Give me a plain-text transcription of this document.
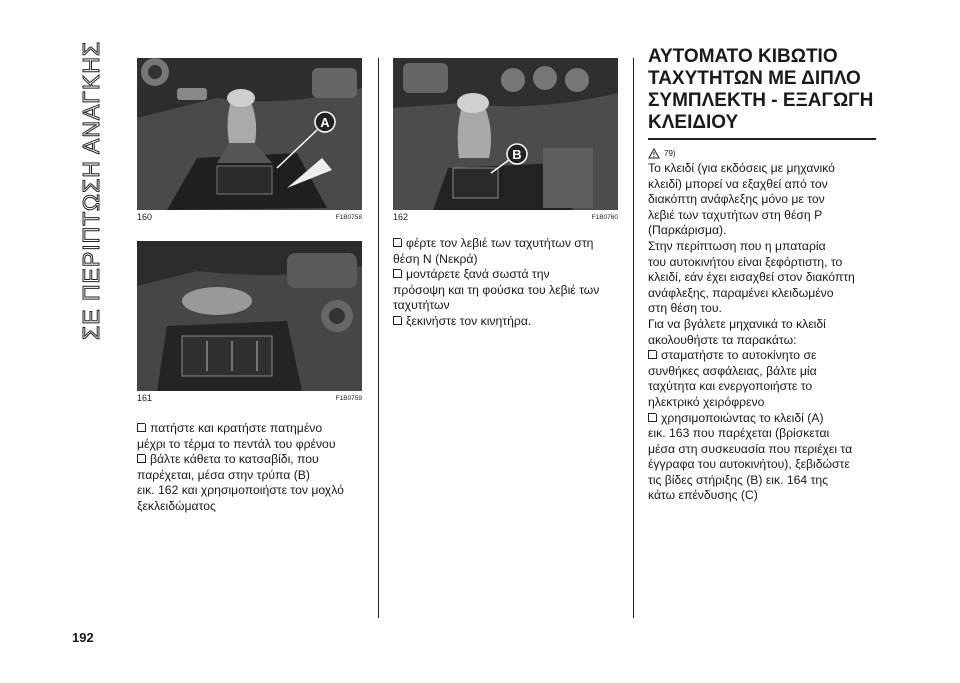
ΣΕ ΠΕΡΙΠΤΩΣΗ ΑΝΑΓΚΗΣ	A
160	F1B0758
161	F1B0759
πατήστε και κρατήστε πατημένο
μέχρι το τέρμα το πεντάλ του φρένου
βάλτε κάθετα το κατσαβίδι, που
παρέχεται, μέσα στην τρύπα (B)
εικ. 162 και χρησιμοποιήστε τον μοχλό
ξεκλειδώματος
B
162	F1B0760
φέρτε τον λεβιέ των ταχυτήτων στη
θέση N (Νεκρά)
μοντάρετε ξανά σωστά την
πρόσοψη και τη φούσκα του λεβιέ των
ταχυτήτων
ξεκινήστε τον κινητήρα.
ΑΥΤΟΜΑΤΟ ΚΙΒΩΤΙΟ
ΤΑΧΥΤΗΤΩΝ ΜΕ ΔΙΠΛΟ
ΣΥΜΠΛΕΚΤΗ - ΕΞΑΓΩΓΗ
ΚΛΕΙΔΙΟΥ
79)
Το κλειδί (για εκδόσεις με μηχανικό
κλειδί) μπορεί να εξαχθεί από τον
διακόπτη ανάφλεξης μόνο με τον
λεβιέ των ταχυτήτων στη θέση P
(Παρκάρισμα).
Στην περίπτωση που η μπαταρία
του αυτοκινήτου είναι ξεφόρτιστη, το
κλειδί, εάν έχει εισαχθεί στον διακόπτη
ανάφλεξης, παραμένει κλειδωμένο
στη θέση του.
Για να βγάλετε μηχανικά το κλειδί
ακολουθήστε τα παρακάτω:
σταματήστε το αυτοκίνητο σε
συνθήκες ασφάλειας, βάλτε μία
ταχύτητα και ενεργοποιήστε το
ηλεκτρικό χειρόφρενο
χρησιμοποιώντας το κλειδί (A)
εικ. 163 που παρέχεται (βρίσκεται
μέσα στη συσκευασία που περιέχει τα
έγγραφα του αυτοκινήτου), ξεβιδώστε
τις βίδες στήριξης (B) εικ. 164 της
κάτω επένδυσης (C)
192
